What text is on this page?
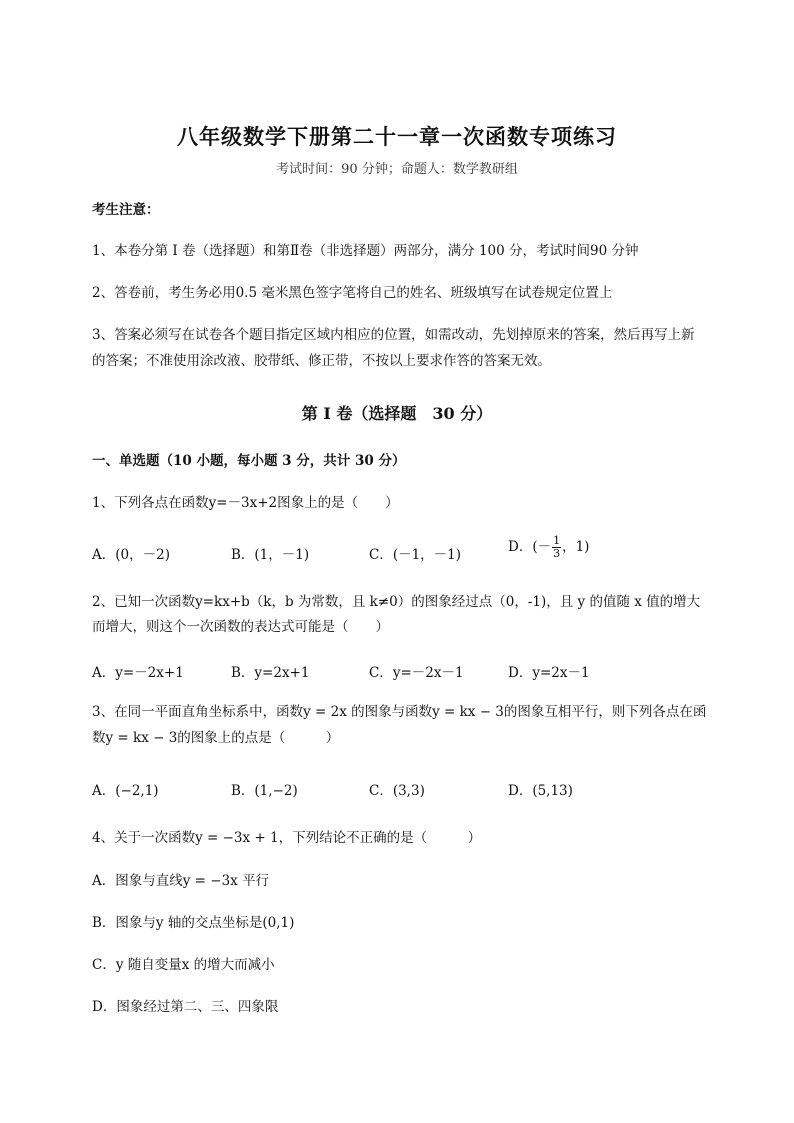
八年级数学下册第二十一章一次函数专项练习
考试时间：90 分钟；命题人：数学教研组
考生注意：
1、本卷分第 I 卷（选择题）和第Ⅱ卷（非选择题）两部分，满分 100 分，考试时间90 分钟
2、答卷前，考生务必用0.5 毫米黑色签字笔将自己的姓名、班级填写在试卷规定位置上
3、答案必须写在试卷各个题目指定区域内相应的位置，如需改动，先划掉原来的答案，然后再写上新
的答案；不准使用涂改液、胶带纸、修正带，不按以上要求作答的答案无效。
第 I 卷（选择题　30 分）
一、单选题（10 小题，每小题 3 分，共计 30 分）
1、下列各点在函数y=－3x+2图象上的是（　　）
A．(0，－2)	B．(1，－1)	C．(－1，－1)	D．(－ $\frac{1}{3}$ ，1)
2、已知一次函数y=kx+b（k，b 为常数，且 k≠0）的图象经过点（0，-1)，且 y 的值随 x 值的增大
而增大，则这个一次函数的表达式可能是（　　）
A．y=－2x+1	B．y=2x+1	C．y=－2x－1	D．y=2x－1
3、在同一平面直角坐标系中，函数y = 2x 的图象与函数y = kx − 3的图象互相平行，则下列各点在函
数y = kx − 3的图象上的点是（　　　）
A．(−2,1)	B．(1,−2)	C．(3,3)	D．(5,13)
4、关于一次函数y = −3x + 1，下列结论不正确的是（　　　）
A．图象与直线y = −3x 平行
B．图象与y 轴的交点坐标是(0,1)
C．y 随自变量x 的增大而减小
D．图象经过第二、三、四象限
